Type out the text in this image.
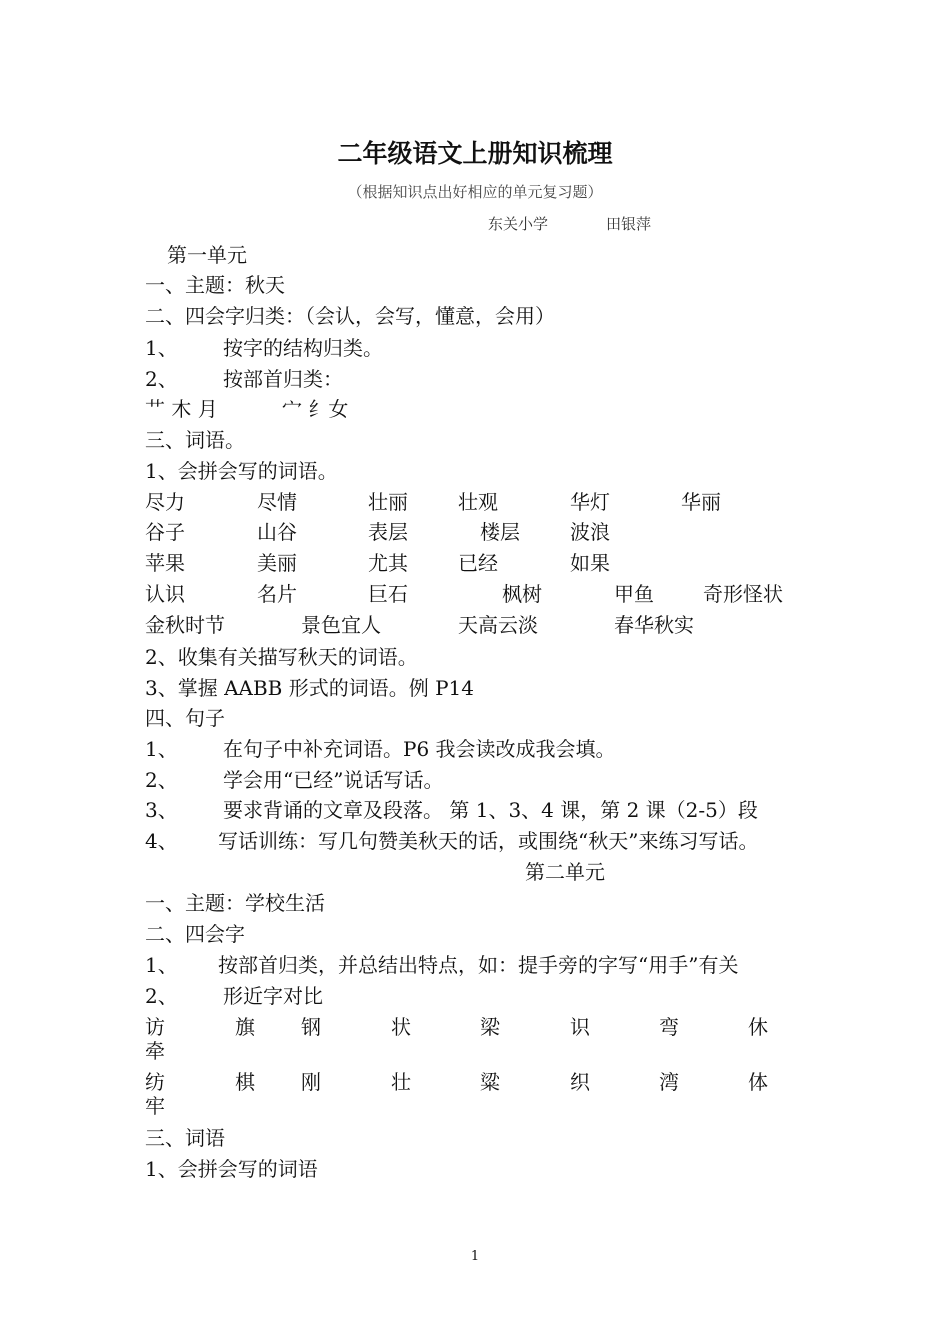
二年级语文上册知识梳理
（根据知识点出好相应的单元复习题）
东关小学	田银萍
第一单元
一、主题：秋天
二、四会字归类：（会认，会写，懂意，会用）
1、 按字的结构归类。
2、 按部首归类：
艹 木 月	宀 纟女
三、词语。
1、会拼会写的词语。
尽力	尽情	壮丽	壮观	华灯	华丽
谷子	山谷	表层	楼层	波浪
苹果	美丽	尤其	已经	如果
认识	名片	巨石	枫树	甲鱼 奇形怪状
金秋时节	景色宜人	天高云淡	春华秋实
2、收集有关描写秋天的词语。
3、掌握 AABB 形式的词语。例 P14
四、句子
1、 在句子中补充词语。P6 我会读改成我会填。
2、 学会用“已经”说话写话。
3、 要求背诵的文章及段落。 第 1、3、4 课，第 2 课（2-5）段
4、 写话训练：写几句赞美秋天的话，或围绕“秋天”来练习写话。
第二单元
一、主题：学校生活
二、四会字
1、 按部首归类，并总结出特点，如：提手旁的字写“用手”有关
2、 形近字对比
访	旗 钢	状	梁	识	弯	休
牵
纺	棋 刚	壮	粱	织	湾	体
牢
三、词语
1、会拼会写的词语
1
